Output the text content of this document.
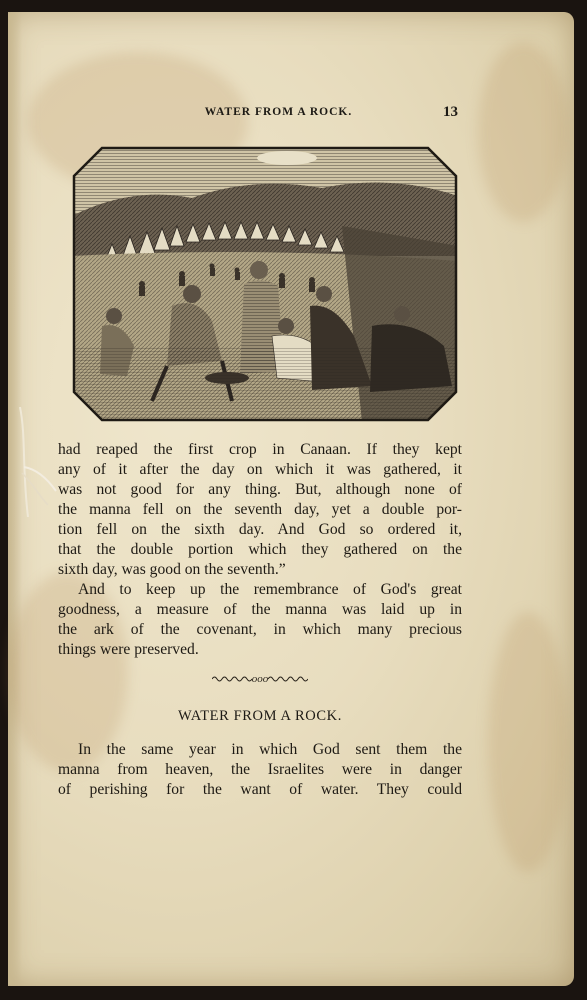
WATER FROM A ROCK.	13
had reaped the first crop in Canaan. If they kept
any of it after the day on which it was gathered, it
was not good for any thing. But, although none of
the manna fell on the seventh day, yet a double por-
tion fell on the sixth day. And God so ordered it,
that the double portion which they gathered on the
sixth day, was good on the seventh.”
And to keep up the remembrance of God's great
goodness, a measure of the manna was laid up in
the ark of the covenant, in which many precious
things were preserved.
ooo
WATER FROM A ROCK.
In the same year in which God sent them the
manna from heaven, the Israelites were in danger
of perishing for the want of water. They could
